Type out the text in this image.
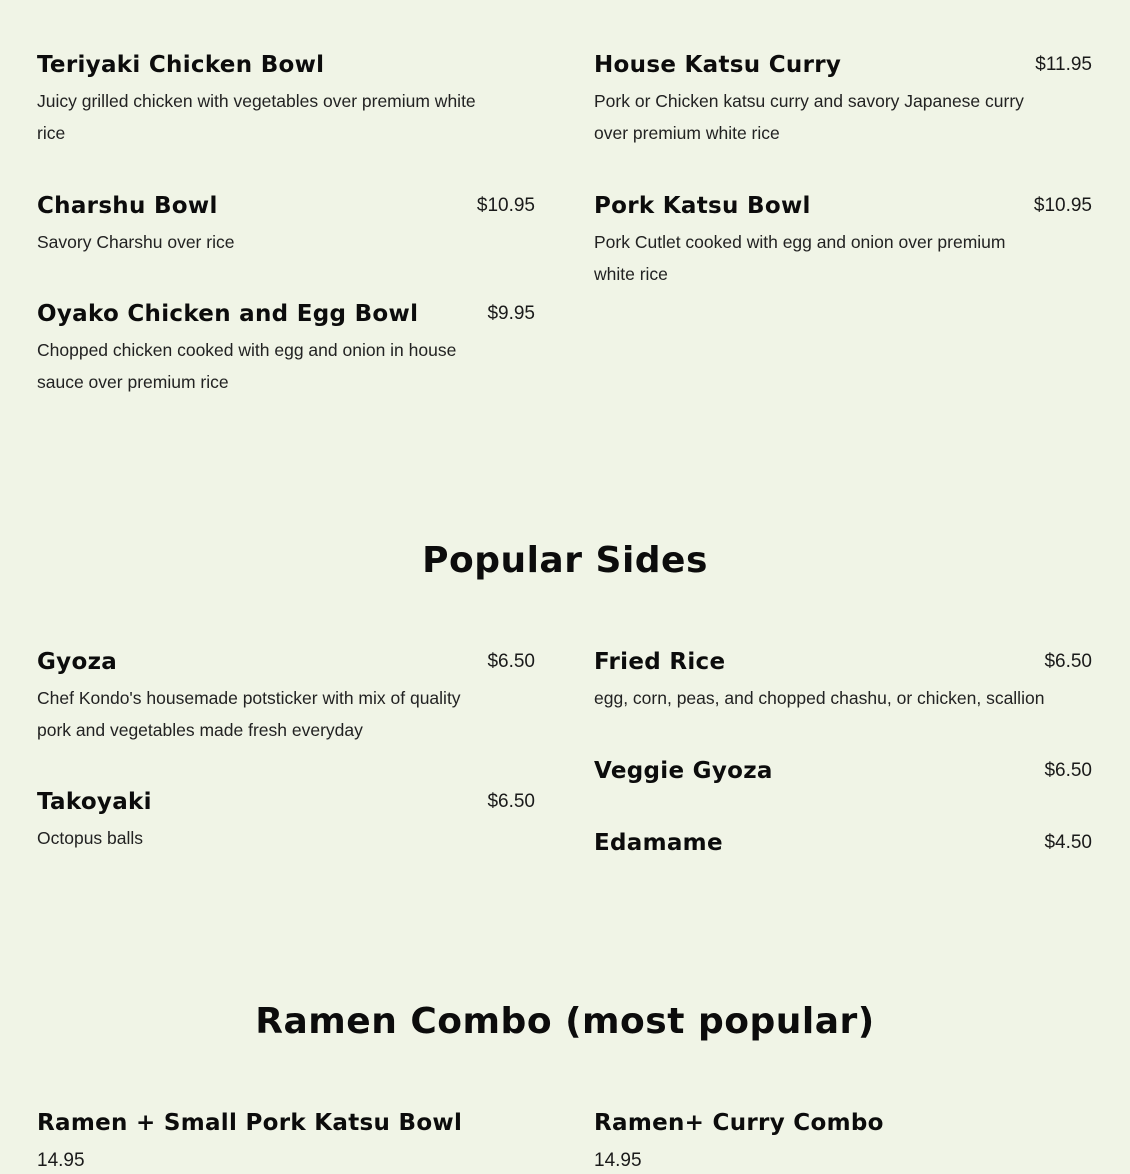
Teriyaki Chicken Bowl
Juicy grilled chicken with vegetables over premium white rice
Charshu Bowl	$10.95
Savory Charshu over rice
Oyako Chicken and Egg Bowl	$9.95
Chopped chicken cooked with egg and onion in house sauce over premium rice
House Katsu Curry	$11.95
Pork or Chicken katsu curry and savory Japanese curry over premium white rice
Pork Katsu Bowl	$10.95
Pork Cutlet cooked with egg and onion over premium white rice
Popular Sides
Gyoza	$6.50
Chef Kondo's housemade potsticker with mix of quality pork and vegetables made fresh everyday
Takoyaki	$6.50
Octopus balls
Fried Rice	$6.50
egg, corn, peas, and chopped chashu, or chicken, scallion
Veggie Gyoza	$6.50
Edamame	$4.50
Ramen Combo (most popular)
Ramen + Small Pork Katsu Bowl
14.95
Ramen+ Curry Combo
14.95
